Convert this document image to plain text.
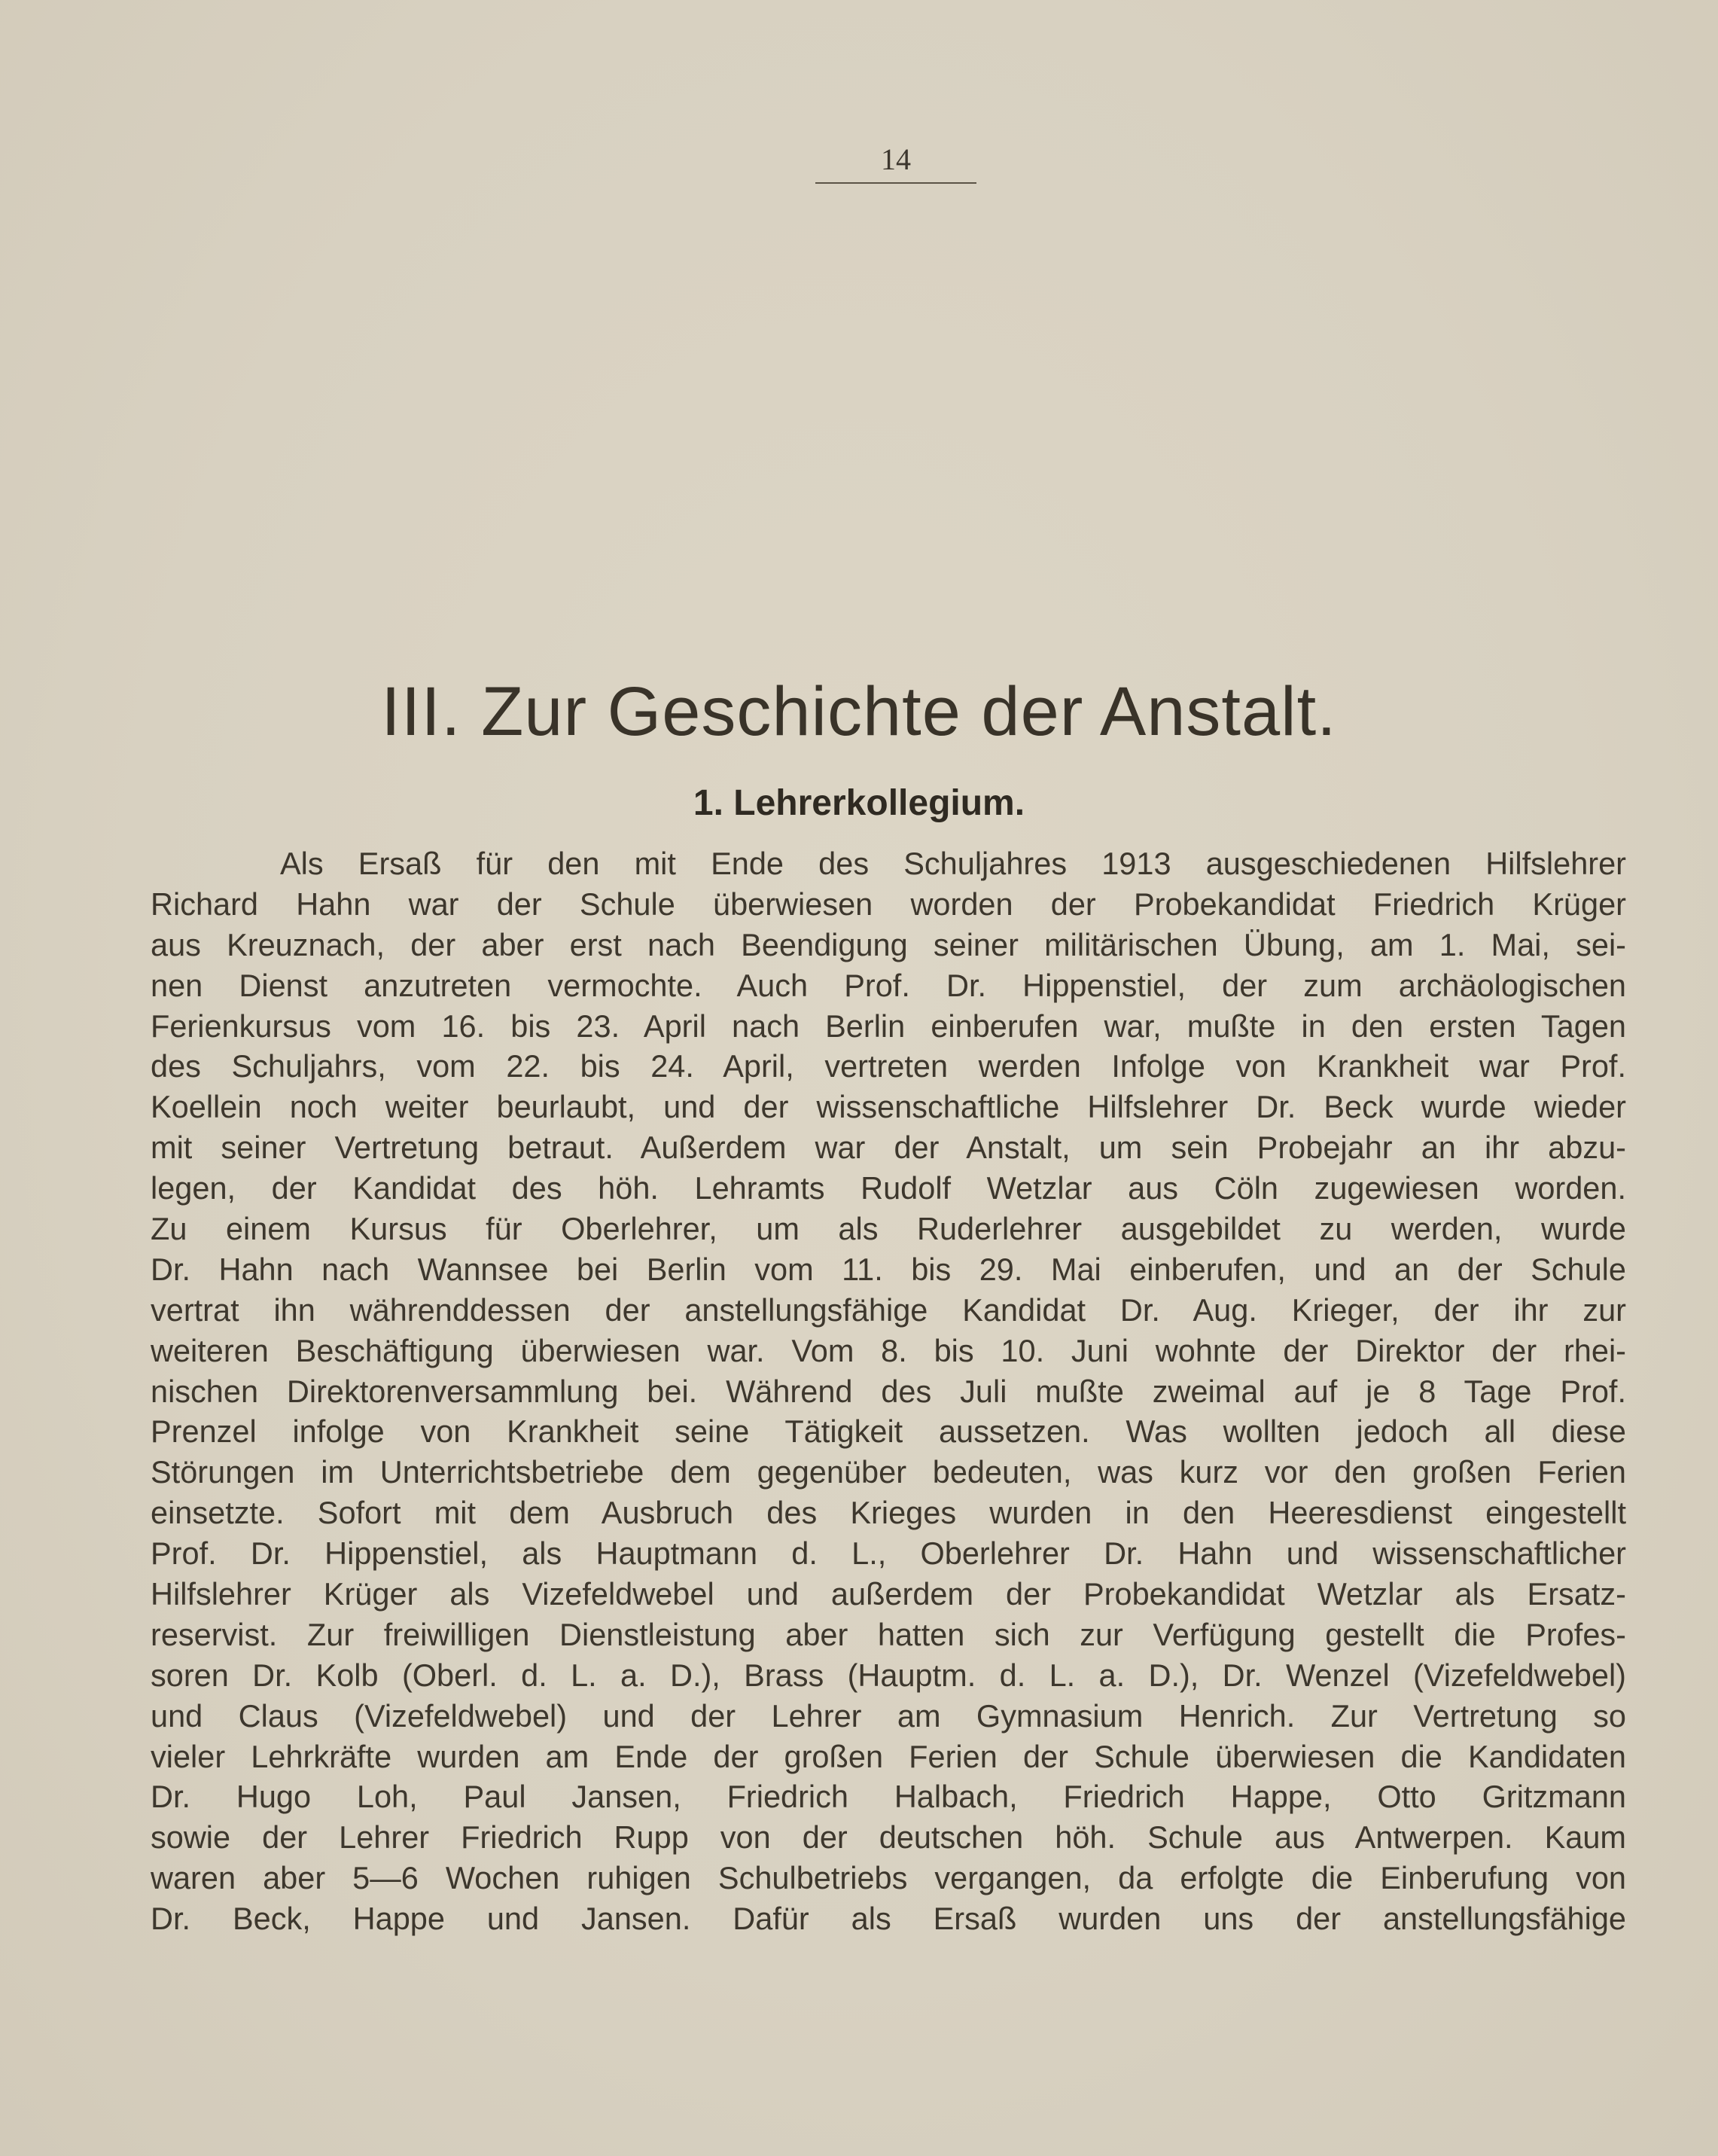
14
III. Zur Geschichte der Anstalt.
1. Lehrerkollegium.
Als Ersaß für den mit Ende des Schuljahres 1913 ausgeschiedenen Hilfslehrer
Richard Hahn war der Schule überwiesen worden der Probekandidat Friedrich Krüger
aus Kreuznach, der aber erst nach Beendigung seiner militärischen Übung, am 1. Mai, sei-
nen Dienst anzutreten vermochte. Auch Prof. Dr. Hippenstiel, der zum archäologischen
Ferienkursus vom 16. bis 23. April nach Berlin einberufen war, mußte in den ersten Tagen
des Schuljahrs, vom 22. bis 24. April, vertreten werden Infolge von Krankheit war Prof.
Koellein noch weiter beurlaubt, und der wissenschaftliche Hilfslehrer Dr. Beck wurde wieder
mit seiner Vertretung betraut. Außerdem war der Anstalt, um sein Probejahr an ihr abzu-
legen, der Kandidat des höh. Lehramts Rudolf Wetzlar aus Cöln zugewiesen worden.
Zu einem Kursus für Oberlehrer, um als Ruderlehrer ausgebildet zu werden, wurde
Dr. Hahn nach Wannsee bei Berlin vom 11. bis 29. Mai einberufen, und an der Schule
vertrat ihn währenddessen der anstellungsfähige Kandidat Dr. Aug. Krieger, der ihr zur
weiteren Beschäftigung überwiesen war. Vom 8. bis 10. Juni wohnte der Direktor der rhei-
nischen Direktorenversammlung bei. Während des Juli mußte zweimal auf je 8 Tage Prof.
Prenzel infolge von Krankheit seine Tätigkeit aussetzen. Was wollten jedoch all diese
Störungen im Unterrichtsbetriebe dem gegenüber bedeuten, was kurz vor den großen Ferien
einsetzte. Sofort mit dem Ausbruch des Krieges wurden in den Heeresdienst eingestellt
Prof. Dr. Hippenstiel, als Hauptmann d. L., Oberlehrer Dr. Hahn und wissenschaftlicher
Hilfslehrer Krüger als Vizefeldwebel und außerdem der Probekandidat Wetzlar als Ersatz-
reservist. Zur freiwilligen Dienstleistung aber hatten sich zur Verfügung gestellt die Profes-
soren Dr. Kolb (Oberl. d. L. a. D.), Brass (Hauptm. d. L. a. D.), Dr. Wenzel (Vizefeldwebel)
und Claus (Vizefeldwebel) und der Lehrer am Gymnasium Henrich. Zur Vertretung so
vieler Lehrkräfte wurden am Ende der großen Ferien der Schule überwiesen die Kandidaten
Dr. Hugo Loh, Paul Jansen, Friedrich Halbach, Friedrich Happe, Otto Gritzmann
sowie der Lehrer Friedrich Rupp von der deutschen höh. Schule aus Antwerpen. Kaum
waren aber 5—6 Wochen ruhigen Schulbetriebs vergangen, da erfolgte die Einberufung von
Dr. Beck, Happe und Jansen. Dafür als Ersaß wurden uns der anstellungsfähige
